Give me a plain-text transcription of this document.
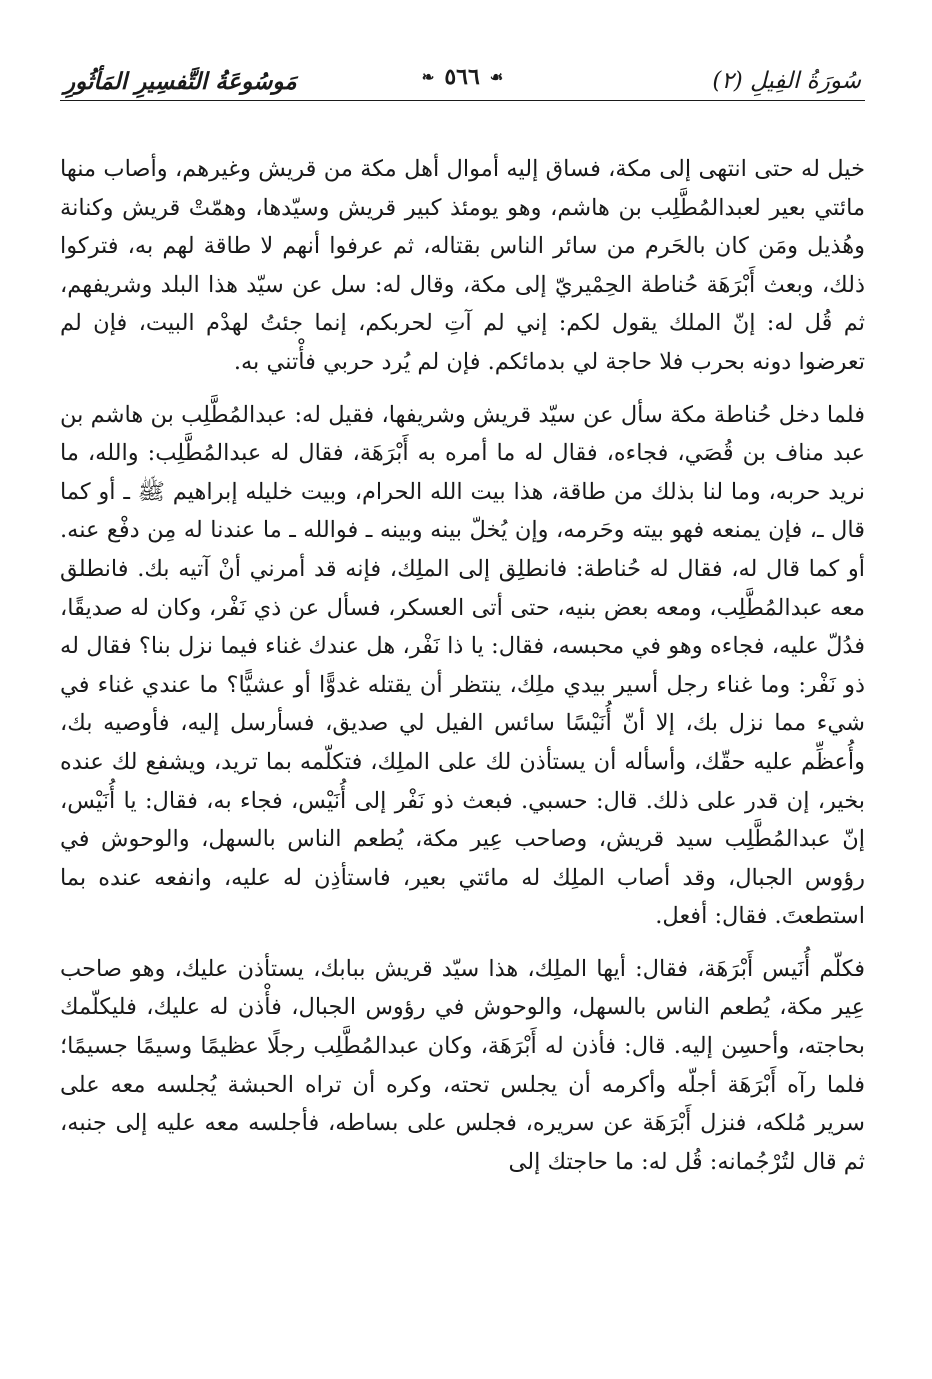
سُورَةُ الفِيلِ (٢)
☙
٥٦٦
❧
مَوسُوعَةُ التَّفسِيرِ المَأثُورِ

خيل له حتى انتهى إلى مكة، فساق إليه أموال أهل مكة من قريش وغيرهم، وأصاب منها مائتي بعير لعبدالمُطَّلِب بن هاشم، وهو يومئذ كبير قريش وسيّدها، وهمّتْ قريش وكنانة وهُذيل ومَن كان بالحَرم من سائر الناس بقتاله، ثم عرفوا أنهم لا طاقة لهم به، فتركوا ذلك، وبعث أَبْرَهَة حُناطة الحِمْيريّ إلى مكة، وقال له: سل عن سيّد هذا البلد وشريفهم، ثم قُل له: إنّ الملك يقول لكم: إني لم آتِ لحربكم، إنما جئتُ لهدْم البيت، فإن لم تعرضوا دونه بحرب فلا حاجة لي بدمائكم. فإن لم يُرد حربي فأْتني به.

فلما دخل حُناطة مكة سأل عن سيّد قريش وشريفها، فقيل له: عبدالمُطَّلِب بن هاشم بن عبد مناف بن قُصَي، فجاءه، فقال له ما أمره به أَبْرَهَة، فقال له عبدالمُطَّلِب: والله، ما نريد حربه، وما لنا بذلك من طاقة، هذا بيت الله الحرام، وبيت خليله إبراهيم ﷺ ـ أو كما قال ـ، فإن يمنعه فهو بيته وحَرمه، وإن يُخلّ بينه وبينه ـ فوالله ـ ما عندنا له مِن دفْع عنه. أو كما قال له، فقال له حُناطة: فانطلِق إلى الملِك، فإنه قد أمرني أنْ آتيه بك. فانطلق معه عبدالمُطَّلِب، ومعه بعض بنيه، حتى أتى العسكر، فسأل عن ذي نَفْر، وكان له صديقًا، فدُلّ عليه، فجاءه وهو في محبسه، فقال: يا ذا نَفْر، هل عندك غناء فيما نزل بنا؟ فقال له ذو نَفْر: وما غناء رجل أسير بيدي ملِك، ينتظر أن يقتله غدوًّا أو عشيًّا؟ ما عندي غناء في شيء مما نزل بك، إلا أنّ أُنَيْسًا سائس الفيل لي صديق، فسأرسل إليه، فأوصيه بك، وأُعظِّم عليه حقّك، وأسأله أن يستأذن لك على الملِك، فتكلّمه بما تريد، ويشفع لك عنده بخير، إن قدر على ذلك. قال: حسبي. فبعث ذو نَفْر إلى أُنَيْس، فجاء به، فقال: يا أُنَيْس، إنّ عبدالمُطَّلِب سيد قريش، وصاحب عِير مكة، يُطعم الناس بالسهل، والوحوش في رؤوس الجبال، وقد أصاب الملِك له مائتي بعير، فاستأذِن له عليه، وانفعه عنده بما استطعتَ. فقال: أفعل.

فكلّم أُنَيس أَبْرَهَة، فقال: أيها الملِك، هذا سيّد قريش ببابك، يستأذن عليك، وهو صاحب عِير مكة، يُطعم الناس بالسهل، والوحوش في رؤوس الجبال، فأْذن له عليك، فليكلّمك بحاجته، وأحسِن إليه. قال: فأذن له أَبْرَهَة، وكان عبدالمُطَّلِب رجلًا عظيمًا وسيمًا جسيمًا؛ فلما رآه أَبْرَهَة أجلّه وأكرمه أن يجلس تحته، وكره أن تراه الحبشة يُجلسه معه على سرير مُلكه، فنزل أَبْرَهَة عن سريره، فجلس على بساطه، فأجلسه معه عليه إلى جنبه، ثم قال لتُرْجُمانه: قُل له: ما حاجتك إلى
